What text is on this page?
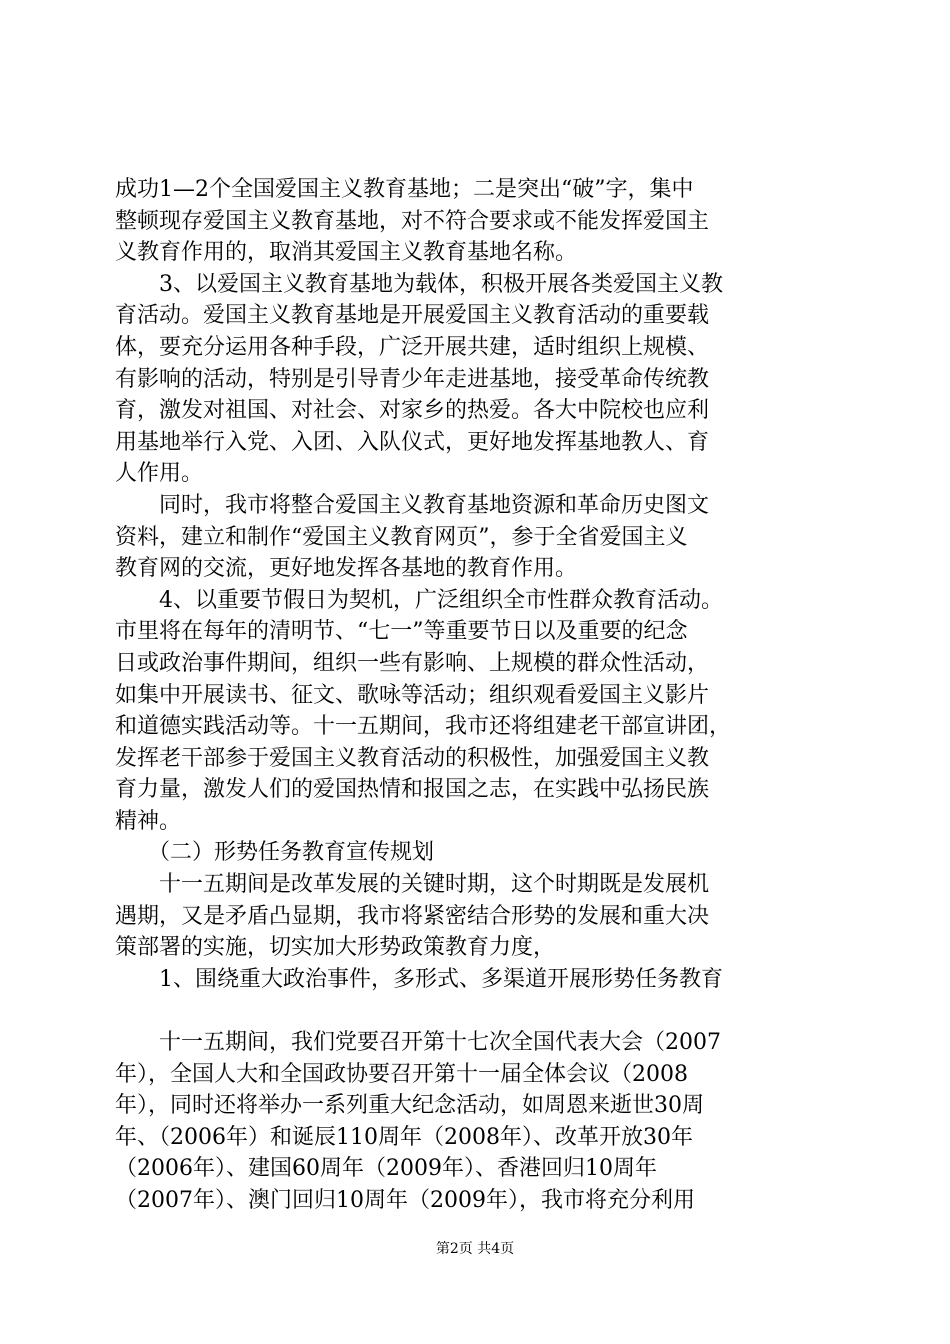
成功1—2个全国爱国主义教育基地；二是突出“破”字，集中
整顿现存爱国主义教育基地，对不符合要求或不能发挥爱国主
义教育作用的，取消其爱国主义教育基地名称。
　　3、以爱国主义教育基地为载体，积极开展各类爱国主义教
育活动。爱国主义教育基地是开展爱国主义教育活动的重要载
体，要充分运用各种手段，广泛开展共建，适时组织上规模、
有影响的活动，特别是引导青少年走进基地，接受革命传统教
育，激发对祖国、对社会、对家乡的热爱。各大中院校也应利
用基地举行入党、入团、入队仪式，更好地发挥基地教人、育
人作用。
　　同时，我市将整合爱国主义教育基地资源和革命历史图文
资料，建立和制作“爱国主义教育网页”，参于全省爱国主义
教育网的交流，更好地发挥各基地的教育作用。
　　4、以重要节假日为契机，广泛组织全市性群众教育活动。
市里将在每年的清明节、“七一”等重要节日以及重要的纪念
日或政治事件期间，组织一些有影响、上规模的群众性活动，
如集中开展读书、征文、歌咏等活动；组织观看爱国主义影片
和道德实践活动等。十一五期间，我市还将组建老干部宣讲团，
发挥老干部参于爱国主义教育活动的积极性，加强爱国主义教
育力量，激发人们的爱国热情和报国之志，在实践中弘扬民族
精神。
　　（二）形势任务教育宣传规划
　　十一五期间是改革发展的关键时期，这个时期既是发展机
遇期，又是矛盾凸显期，我市将紧密结合形势的发展和重大决
策部署的实施，切实加大形势政策教育力度，
　　1、围绕重大政治事件，多形式、多渠道开展形势任务教育
　　十一五期间，我们党要召开第十七次全国代表大会（2007
年），全国人大和全国政协要召开第十一届全体会议（2008
年），同时还将举办一系列重大纪念活动，如周恩来逝世30周
年、（2006年）和诞辰110周年（2008年）、改革开放30年
（2006年）、建国60周年（2009年）、香港回归10周年
（2007年）、澳门回归10周年（2009年），我市将充分利用
第2页 共4页
